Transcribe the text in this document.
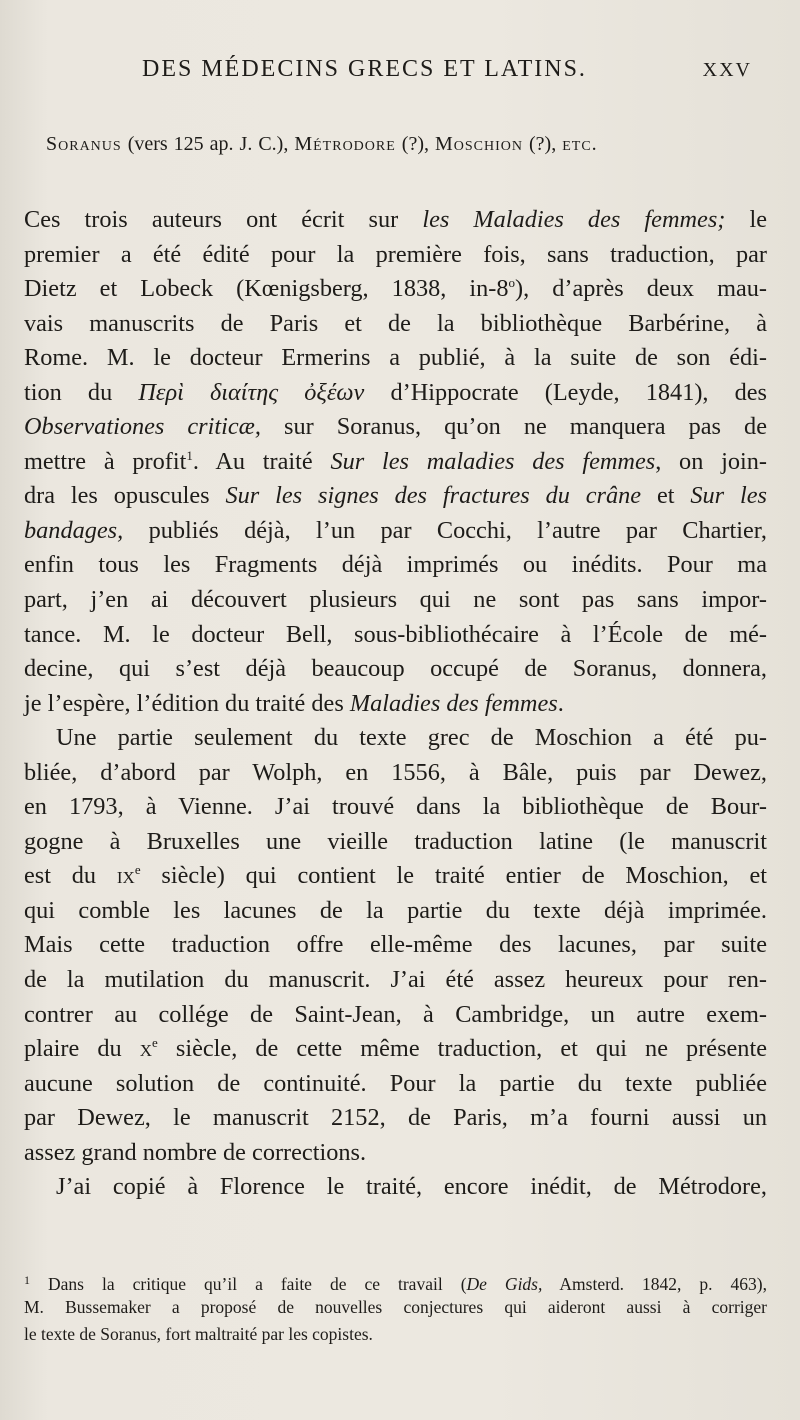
DES MÉDECINS GRECS ET LATINS.	XXV
Soranus (vers 125 ap. J. C.), Métrodore (?), Moschion (?), etc.
Ces trois auteurs ont écrit sur les Maladies des femmes; le
premier a été édité pour la première fois, sans traduction, par
Dietz et Lobeck (Kœnigsberg, 1838, in-8$^o$), d’après deux mau-
vais manuscrits de Paris et de la bibliothèque Barbérine, à
Rome. M. le docteur Ermerins a publié, à la suite de son édi-
tion du Περὶ διαίτης ὀξέων d’Hippocrate (Leyde, 1841), des
Observationes criticæ, sur Soranus, qu’on ne manquera pas de
mettre à profit$^1$. Au traité Sur les maladies des femmes, on join-
dra les opuscules Sur les signes des fractures du crâne et Sur les
bandages, publiés déjà, l’un par Cocchi, l’autre par Chartier,
enfin tous les Fragments déjà imprimés ou inédits. Pour ma
part, j’en ai découvert plusieurs qui ne sont pas sans impor-
tance. M. le docteur Bell, sous-bibliothécaire à l’École de mé-
decine, qui s’est déjà beaucoup occupé de Soranus, donnera,
je l’espère, l’édition du traité des Maladies des femmes.
Une partie seulement du texte grec de Moschion a été pu-
bliée, d’abord par Wolph, en 1556, à Bâle, puis par Dewez,
en 1793, à Vienne. J’ai trouvé dans la bibliothèque de Bour-
gogne à Bruxelles une vieille traduction latine (le manuscrit
est du $ix^e$ siècle) qui contient le traité entier de Moschion, et
qui comble les lacunes de la partie du texte déjà imprimée.
Mais cette traduction offre elle-même des lacunes, par suite
de la mutilation du manuscrit. J’ai été assez heureux pour ren-
contrer au collége de Saint-Jean, à Cambridge, un autre exem-
plaire du $x^e$ siècle, de cette même traduction, et qui ne présente
aucune solution de continuité. Pour la partie du texte publiée
par Dewez, le manuscrit 2152, de Paris, m’a fourni aussi un
assez grand nombre de corrections.
J’ai copié à Florence le traité, encore inédit, de Métrodore,
$^1$ Dans la critique qu’il a faite de ce travail (De Gids, Amsterd. 1842, p. 463),
M. Bussemaker a proposé de nouvelles conjectures qui aideront aussi à corriger
le texte de Soranus, fort maltraité par les copistes.
